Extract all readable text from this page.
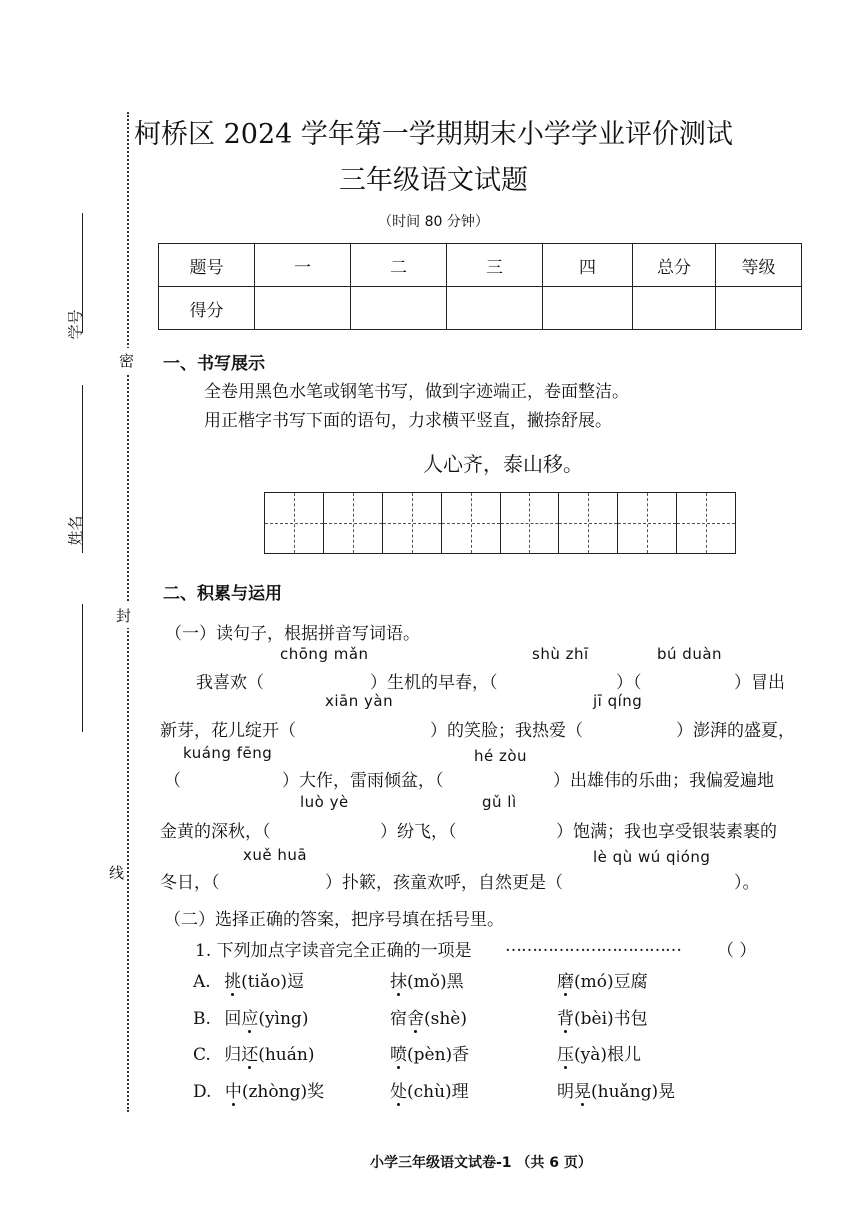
学号
姓名
密
封
线
柯桥区 2024 学年第一学期期末小学学业评价测试
三年级语文试题
（时间 80 分钟）
题号	一	二	三	四	总分	等级
得分						
一、书写展示
全卷用黑色水笔或钢笔书写，做到字迹端正，卷面整洁。
用正楷字书写下面的语句，力求横平竖直，撇捺舒展。
人心齐，泰山移。
二、积累与运用
（一）读句子，根据拼音写词语。
chōng mǎn	shù zhī	bú duàn
我喜欢（	）生机的早春，（	）（	）冒出
xiān yàn	jī qíng
新芽，花儿绽开（	）的笑脸；我热爱（	）澎湃的盛夏，
kuáng fēng	hé zòu
（	）大作，雷雨倾盆，（	）出雄伟的乐曲；我偏爱遍地
luò yè	gǔ lì
金黄的深秋，（	）纷飞，（	）饱满；我也享受银装素裹的
xuě huā	lè qù wú qióng
冬日，（	）扑簌，孩童欢呼，自然更是（	）。
（二）选择正确的答案，把序号填在括号里。
1. 下列加点字读音完全正确的一项是 …………………………… （ ）
A. 挑(tiǎo)逗	抹(mǒ)黑	磨(mó)豆腐
B. 回应(yìng)	宿舍(shè)	背(bèi)书包
C. 归还(huán)	喷(pèn)香	压(yà)根儿
D. 中(zhòng)奖	处(chù)理	明晃(huǎng)晃
小学三年级语文试卷-1 （共 6 页）
